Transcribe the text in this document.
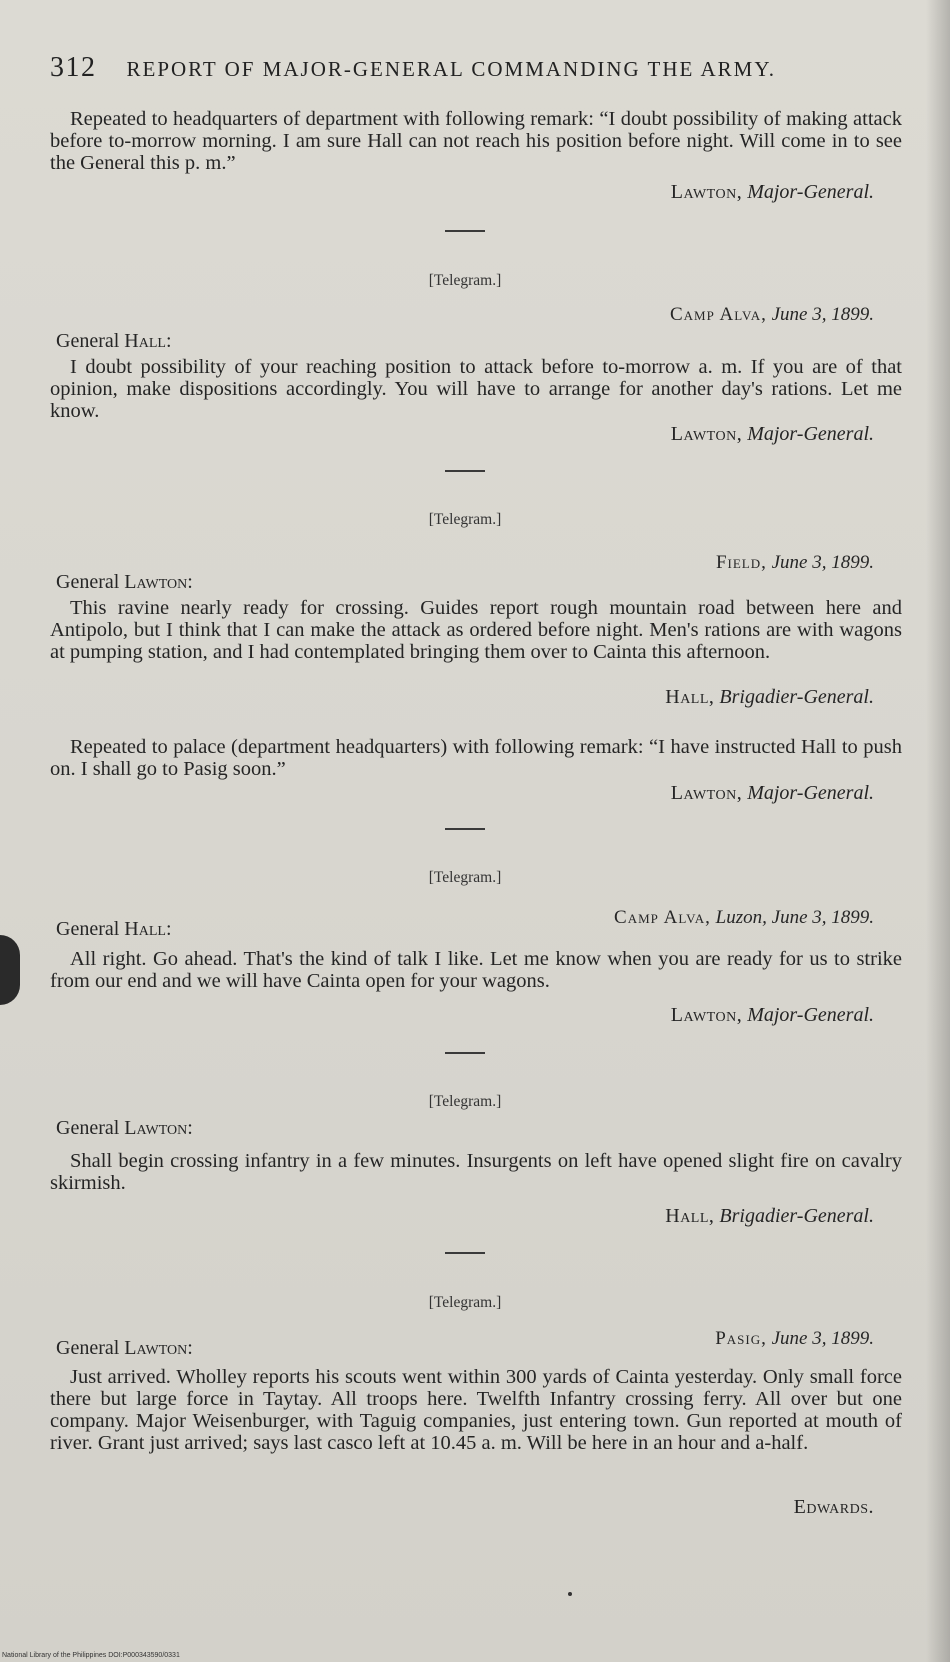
312 REPORT OF MAJOR-GENERAL COMMANDING THE ARMY.

Repeated to headquarters of department with following remark: “I doubt possibility of making attack before to-morrow morning. I am sure Hall can not reach his position before night. Will come in to see the General this p. m.”

Lawton, Major-General.
[Telegram.]
Camp Alva, June 3, 1899.
General Hall:

I doubt possibility of your reaching position to attack before to-morrow a. m. If you are of that opinion, make dispositions accordingly. You will have to arrange for another day's rations. Let me know.

Lawton, Major-General.
[Telegram.]
Field, June 3, 1899.
General Lawton:

This ravine nearly ready for crossing. Guides report rough mountain road between here and Antipolo, but I think that I can make the attack as ordered before night. Men's rations are with wagons at pumping station, and I had contemplated bringing them over to Cainta this afternoon.

Hall, Brigadier-General.

Repeated to palace (department headquarters) with following remark: “I have instructed Hall to push on. I shall go to Pasig soon.”

Lawton, Major-General.
[Telegram.]
Camp Alva, Luzon, June 3, 1899.
General Hall:

All right. Go ahead. That's the kind of talk I like. Let me know when you are ready for us to strike from our end and we will have Cainta open for your wagons.

Lawton, Major-General.
[Telegram.]
General Lawton:

Shall begin crossing infantry in a few minutes. Insurgents on left have opened slight fire on cavalry skirmish.

Hall, Brigadier-General.
[Telegram.]
Pasig, June 3, 1899.
General Lawton:

Just arrived. Wholley reports his scouts went within 300 yards of Cainta yesterday. Only small force there but large force in Taytay. All troops here. Twelfth Infantry crossing ferry. All over but one company. Major Weisenburger, with Taguig companies, just entering town. Gun reported at mouth of river. Grant just arrived; says last casco left at 10.45 a. m. Will be here in an hour and a-half.

Edwards.
National Library of the Philippines DOI:P000343590/0331
